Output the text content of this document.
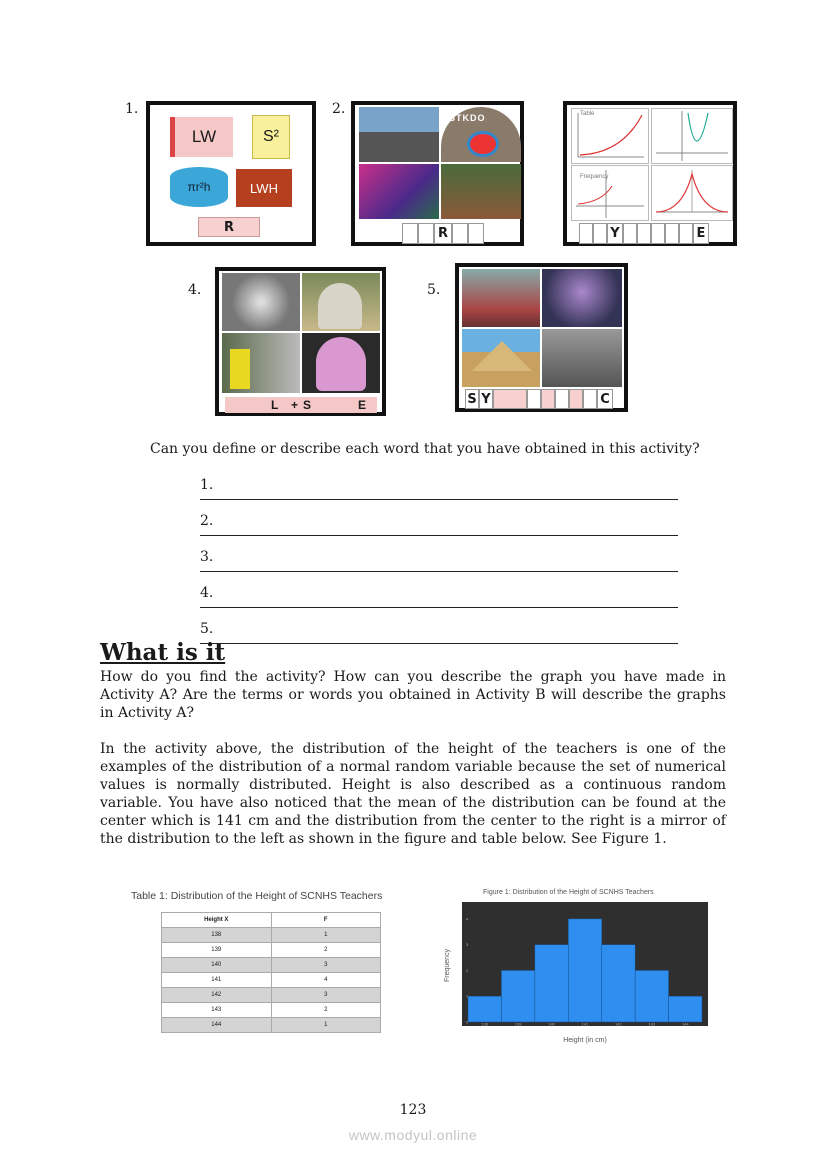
1.
LW	S²
πr²h	LWH
R
2.
STKDO
R
Table
Frequency
Y	E
4.
L + S	E
5.
S Y	C
Can you define or describe each word that you have obtained in this activity?
1.
2.
3.
4.
5.
What is it

How do you find the activity? How can you describe the graph you have made in Activity A? Are the terms or words you obtained in Activity B will describe the graphs in Activity A?

In the activity above, the distribution of the height of the teachers is one of the examples of the distribution of a normal random variable because the set of numerical values is normally distributed. Height is also described as a continuous random variable. You have also noticed that the mean of the distribution can be found at the center which is 141 cm and the distribution from the center to the right is a mirror of the distribution to the left as shown in the figure and table below. See Figure 1.

Table 1: Distribution of the Height of SCNHS Teachers
Height X	F
138	1
139	2
140	3
141	4
142	3
143	2
144	1
Figure 1: Distribution of the Height of SCNHS Teachers
0
1
2
3
4
138	139	140	141	142	143	144
Frequency
Height (in cm)
123
www.modyul.online
